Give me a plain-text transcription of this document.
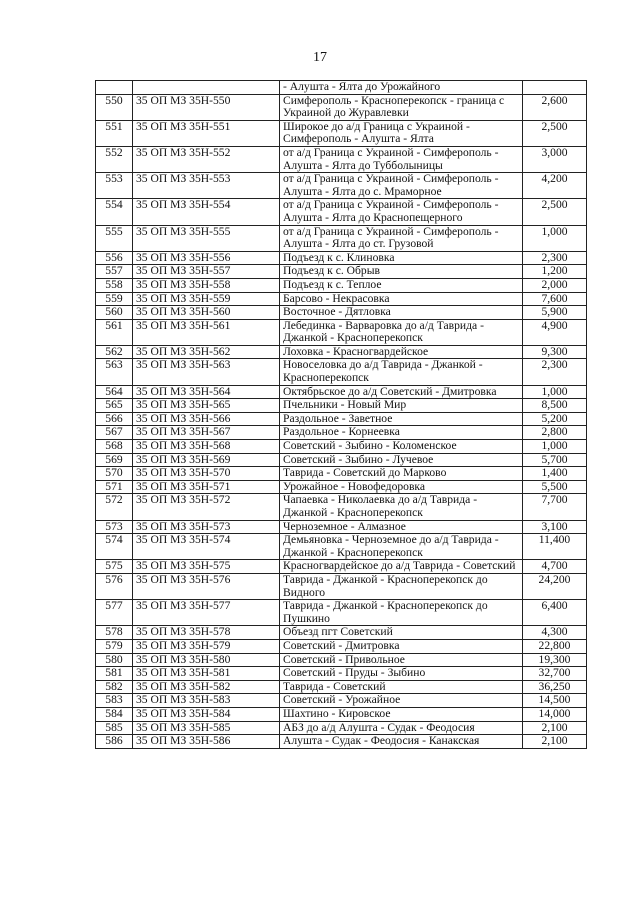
17
		- Алушта - Ялта до Урожайного	
550	35 ОП МЗ 35Н-550	Симферополь - Красноперекопск - граница с Украиной до Журавлевки	2,600
551	35 ОП МЗ 35Н-551	Широкое до а/д Граница с Украиной - Симферополь - Алушта - Ялта	2,500
552	35 ОП МЗ 35Н-552	от а/д Граница с Украиной - Симферополь - Алушта - Ялта до Тубболыницы	3,000
553	35 ОП МЗ 35Н-553	от а/д Граница с Украиной - Симферополь - Алушта - Ялта до с. Мраморное	4,200
554	35 ОП МЗ 35Н-554	от а/д Граница с Украиной - Симферополь - Алушта - Ялта до Краснопещерного	2,500
555	35 ОП МЗ 35Н-555	от а/д Граница с Украиной - Симферополь - Алушта - Ялта до ст. Грузовой	1,000
556	35 ОП МЗ 35Н-556	Подъезд к с. Клиновка	2,300
557	35 ОП МЗ 35Н-557	Подъезд к с. Обрыв	1,200
558	35 ОП МЗ 35Н-558	Подъезд к с. Теплое	2,000
559	35 ОП МЗ 35Н-559	Барсово - Некрасовка	7,600
560	35 ОП МЗ 35Н-560	Восточное - Дятловка	5,900
561	35 ОП МЗ 35Н-561	Лебединка - Варваровка до а/д Таврида - Джанкой - Красноперекопск	4,900
562	35 ОП МЗ 35Н-562	Лоховка - Красногвардейское	9,300
563	35 ОП МЗ 35Н-563	Новоселовка до а/д Таврида - Джанкой - Красноперекопск	2,300
564	35 ОП МЗ 35Н-564	Октябрьское до а/д Советский - Дмитровка	1,000
565	35 ОП МЗ 35Н-565	Пчельники - Новый Мир	8,500
566	35 ОП МЗ 35Н-566	Раздольное - Заветное	5,200
567	35 ОП МЗ 35Н-567	Раздольное - Корнеевка	2,800
568	35 ОП МЗ 35Н-568	Советский - Зыбино - Коломенское	1,000
569	35 ОП МЗ 35Н-569	Советский - Зыбино - Лучевое	5,700
570	35 ОП МЗ 35Н-570	Таврида - Советский до Марково	1,400
571	35 ОП МЗ 35Н-571	Урожайное - Новофедоровка	5,500
572	35 ОП МЗ 35Н-572	Чапаевка - Николаевка до а/д Таврида - Джанкой - Красноперекопск	7,700
573	35 ОП МЗ 35Н-573	Черноземное - Алмазное	3,100
574	35 ОП МЗ 35Н-574	Демьяновка - Черноземное до а/д Таврида - Джанкой - Красноперекопск	11,400
575	35 ОП МЗ 35Н-575	Красногвардейское до а/д Таврида - Советский	4,700
576	35 ОП МЗ 35Н-576	Таврида - Джанкой - Красноперекопск до Видного	24,200
577	35 ОП МЗ 35Н-577	Таврида - Джанкой - Красноперекопск до Пушкино	6,400
578	35 ОП МЗ 35Н-578	Объезд пгт Советский	4,300
579	35 ОП МЗ 35Н-579	Советский - Дмитровка	22,800
580	35 ОП МЗ 35Н-580	Советский - Привольное	19,300
581	35 ОП МЗ 35Н-581	Советский - Пруды - Зыбино	32,700
582	35 ОП МЗ 35Н-582	Таврида - Советский	36,250
583	35 ОП МЗ 35Н-583	Советский - Урожайное	14,500
584	35 ОП МЗ 35Н-584	Шахтино - Кировское	14,000
585	35 ОП МЗ 35Н-585	АБЗ до а/д Алушта - Судак - Феодосия	2,100
586	35 ОП МЗ 35Н-586	Алушта - Судак - Феодосия - Канакская	2,100
